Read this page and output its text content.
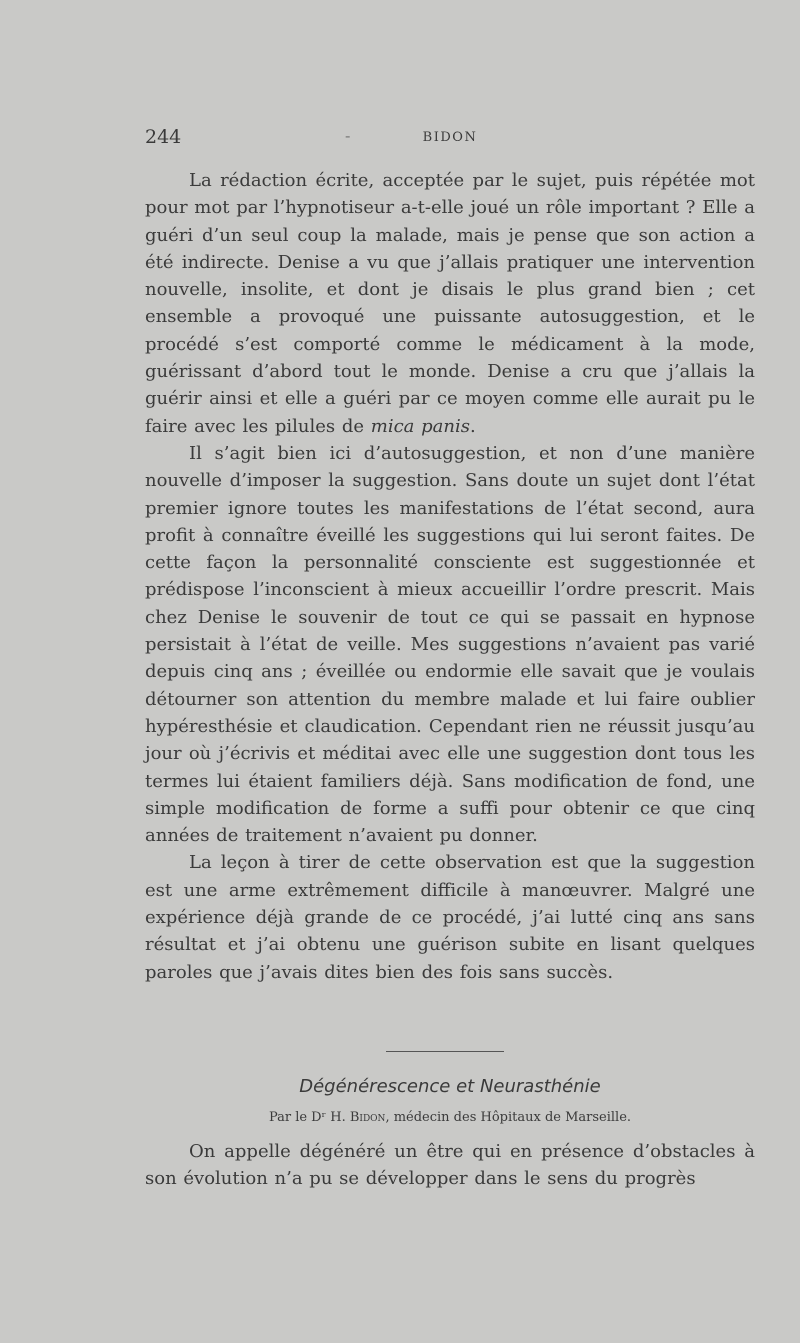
244	-	BIDON

La rédaction écrite, acceptée par le sujet, puis répétée mot pour mot par l’hypnotiseur a-t-elle joué un rôle important ? Elle a guéri d’un seul coup la malade, mais je pense que son action a été indirecte. Denise a vu que j’allais pratiquer une intervention nouvelle, insolite, et dont je disais le plus grand bien ; cet ensemble a provoqué une puissante autosuggestion, et le procédé s’est comporté comme le médicament à la mode, guérissant d’abord tout le monde. Denise a cru que j’allais la guérir ainsi et elle a guéri par ce moyen comme elle aurait pu le faire avec les pilules de mica panis.

Il s’agit bien ici d’autosuggestion, et non d’une manière nouvelle d’imposer la suggestion. Sans doute un sujet dont l’état premier ignore toutes les manifestations de l’état second, aura profit à connaître éveillé les suggestions qui lui seront faites. De cette façon la personnalité consciente est suggestionnée et prédispose l’inconscient à mieux accueillir l’ordre prescrit. Mais chez Denise le souvenir de tout ce qui se passait en hypnose persistait à l’état de veille. Mes suggestions n’avaient pas varié depuis cinq ans ; éveillée ou endormie elle savait que je voulais détourner son attention du membre malade et lui faire oublier hypéresthésie et claudication. Cependant rien ne réussit jusqu’au jour où j’écrivis et méditai avec elle une suggestion dont tous les termes lui étaient familiers déjà. Sans modification de fond, une simple modification de forme a suffi pour obtenir ce que cinq années de traitement n’avaient pu donner.

La leçon à tirer de cette observation est que la suggestion est une arme extrêmement difficile à manœuvrer. Malgré une expérience déjà grande de ce procédé, j’ai lutté cinq ans sans résultat et j’ai obtenu une guérison subite en lisant quelques paroles que j’avais dites bien des fois sans succès.

Dégénérescence et Neurasthénie
Par le Dʳ H. Bidon, médecin des Hôpitaux de Marseille.

On appelle dégénéré un être qui en présence d’obstacles à son évolution n’a pu se développer dans le sens du progrès
